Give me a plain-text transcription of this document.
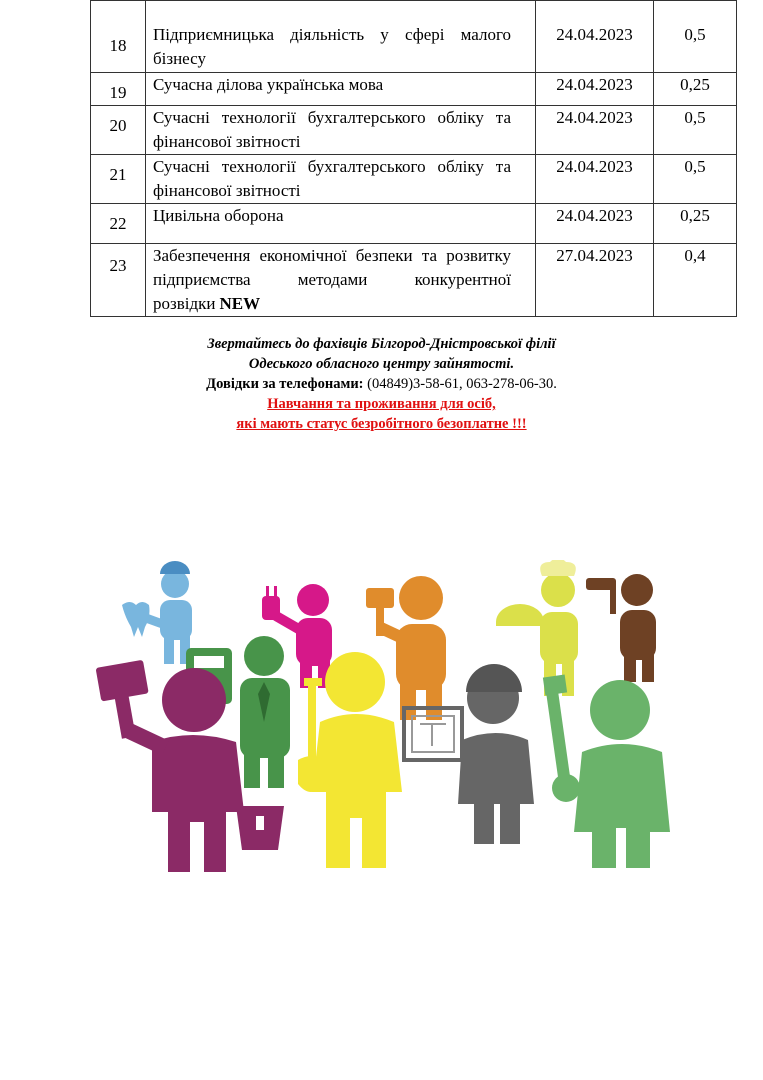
18	Підприємницька діяльність у сфері малого бізнесу	24.04.2023	0,5

19	Сучасна ділова українська мова	24.04.2023	0,25

20	Сучасні технології бухгалтерського обліку та фінансової звітності	24.04.2023	0,5

21	Сучасні технології бухгалтерського обліку та фінансової звітності	24.04.2023	0,5

22	Цивільна оборона	24.04.2023	0,25

23	Забезпечення економічної безпеки та розвитку підприємства методами конкурентної розвідки NEW	27.04.2023	0,4
Звертайтесь до фахівців Білгород-Дністровської філії
Одеського обласного центру зайнятості.
Довідки за телефонами: (04849)3-58-61, 063-278-06-30.
Навчання та проживання для осіб,
які мають статус безробітного безоплатне !!!
